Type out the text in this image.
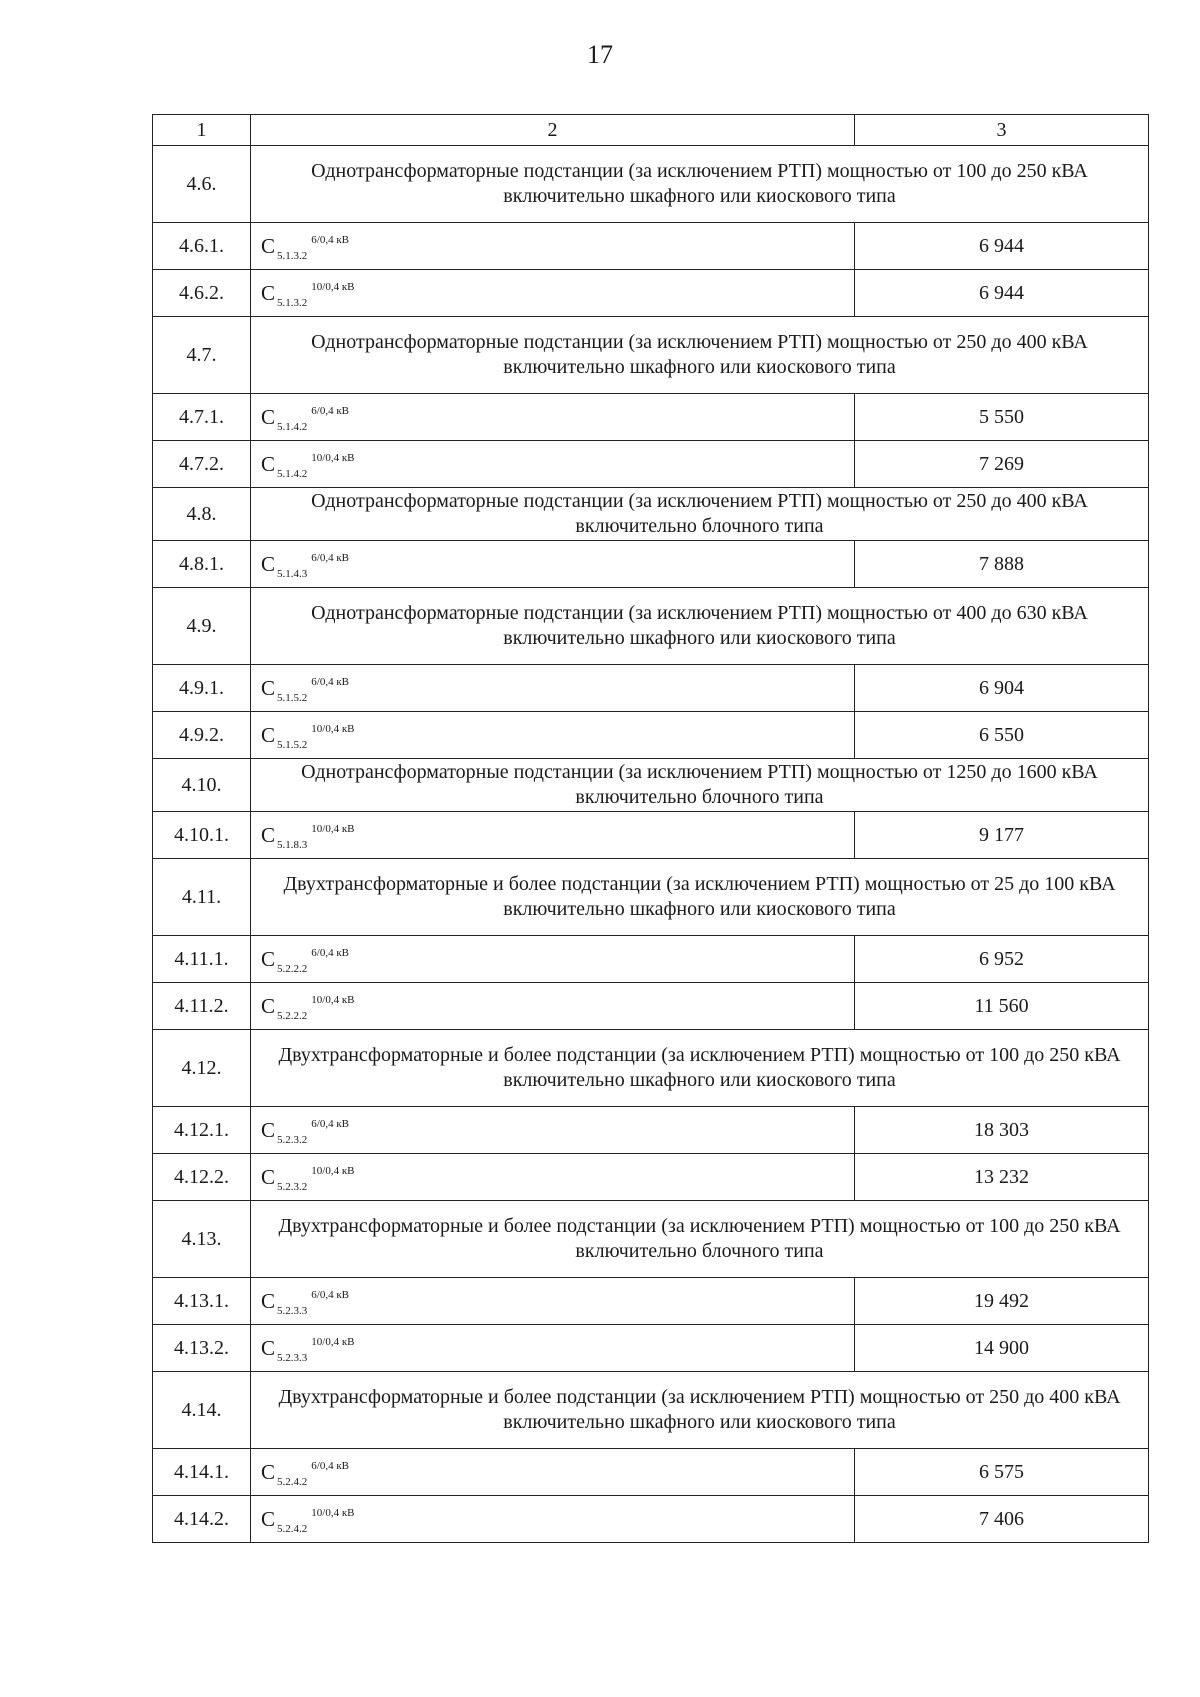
17
1	2	3
4.6.	Однотрансформаторные подстанции (за исключением РТП) мощностью от 100 до 250 кВА включительно шкафного или киоскового типа	
4.6.1.	С $_{5.1.3.2}^{6/0,4 кВ}$	6 944
4.6.2.	С $_{5.1.3.2}^{10/0,4 кВ}$	6 944
4.7.	Однотрансформаторные подстанции (за исключением РТП) мощностью от 250 до 400 кВА включительно шкафного или киоскового типа	
4.7.1.	С $_{5.1.4.2}^{6/0,4 кВ}$	5 550
4.7.2.	С $_{5.1.4.2}^{10/0,4 кВ}$	7 269
4.8.	Однотрансформаторные подстанции (за исключением РТП) мощностью от 250 до 400 кВА включительно блочного типа	
4.8.1.	С $_{5.1.4.3}^{6/0,4 кВ}$	7 888
4.9.	Однотрансформаторные подстанции (за исключением РТП) мощностью от 400 до 630 кВА включительно шкафного или киоскового типа	
4.9.1.	С $_{5.1.5.2}^{6/0,4 кВ}$	6 904
4.9.2.	С $_{5.1.5.2}^{10/0,4 кВ}$	6 550
4.10.	Однотрансформаторные подстанции (за исключением РТП) мощностью от 1250 до 1600 кВА включительно блочного типа	
4.10.1.	С $_{5.1.8.3}^{10/0,4 кВ}$	9 177
4.11.	Двухтрансформаторные и более подстанции (за исключением РТП) мощностью от 25 до 100 кВА включительно шкафного или киоскового типа	
4.11.1.	С $_{5.2.2.2}^{6/0,4 кВ}$	6 952
4.11.2.	С $_{5.2.2.2}^{10/0,4 кВ}$	11 560
4.12.	Двухтрансформаторные и более подстанции (за исключением РТП) мощностью от 100 до 250 кВА включительно шкафного или киоскового типа	
4.12.1.	С $_{5.2.3.2}^{6/0,4 кВ}$	18 303
4.12.2.	С $_{5.2.3.2}^{10/0,4 кВ}$	13 232
4.13.	Двухтрансформаторные и более подстанции (за исключением РТП) мощностью от 100 до 250 кВА включительно блочного типа	
4.13.1.	С $_{5.2.3.3}^{6/0,4 кВ}$	19 492
4.13.2.	С $_{5.2.3.3}^{10/0,4 кВ}$	14 900
4.14.	Двухтрансформаторные и более подстанции (за исключением РТП) мощностью от 250 до 400 кВА включительно шкафного или киоскового типа	
4.14.1.	С $_{5.2.4.2}^{6/0,4 кВ}$	6 575
4.14.2.	С $_{5.2.4.2}^{10/0,4 кВ}$	7 406
